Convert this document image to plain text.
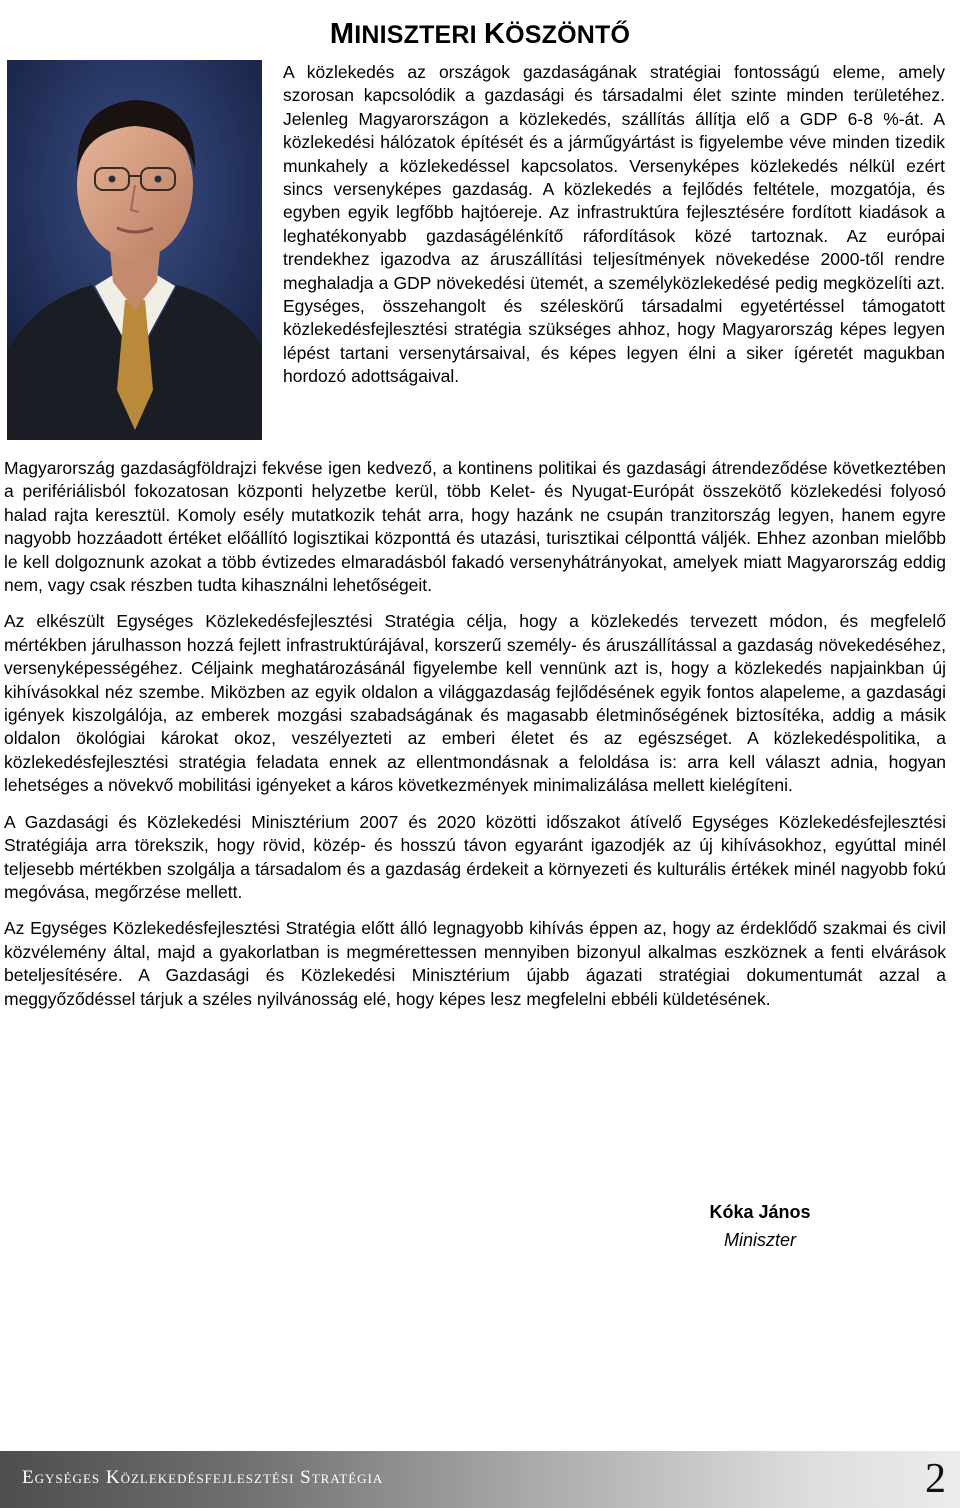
MINISZTERI KÖSZÖNTŐ

A közlekedés az országok gazdaságának stratégiai fontosságú eleme, amely szorosan kapcsolódik a gazdasági és társadalmi élet szinte minden területéhez. Jelenleg Magyarországon a közlekedés, szállítás állítja elő a GDP 6-8 %-át. A közlekedési hálózatok építését és a járműgyártást is figyelembe véve minden tizedik munkahely a közlekedéssel kapcsolatos. Versenyképes közlekedés nélkül ezért sincs versenyképes gazdaság. A közlekedés a fejlődés feltétele, mozgatója, és egyben egyik legfőbb hajtóereje. Az infrastruktúra fejlesztésére fordított kiadások a leghatékonyabb gazdaságélénkítő ráfordítások közé tartoznak. Az európai trendekhez igazodva az áruszállítási teljesítmények növekedése 2000-től rendre meghaladja a GDP növekedési ütemét, a személyközlekedésé pedig megközelíti azt. Egységes, összehangolt és széleskörű társadalmi egyetértéssel támogatott közlekedésfejlesztési stratégia szükséges ahhoz, hogy Magyarország képes legyen lépést tartani versenytársaival, és képes legyen élni a siker ígéretét magukban hordozó adottságaival.

Magyarország gazdaságföldrajzi fekvése igen kedvező, a kontinens politikai és gazdasági átrendeződése következtében a perifériálisból fokozatosan központi helyzetbe kerül, több Kelet- és Nyugat-Európát összekötő közlekedési folyosó halad rajta keresztül. Komoly esély mutatkozik tehát arra, hogy hazánk ne csupán tranzitország legyen, hanem egyre nagyobb hozzáadott értéket előállító logisztikai központtá és utazási, turisztikai célponttá váljék. Ehhez azonban mielőbb le kell dolgoznunk azokat a több évtizedes elmaradásból fakadó versenyhátrányokat, amelyek miatt Magyarország eddig nem, vagy csak részben tudta kihasználni lehetőségeit.

Az elkészült Egységes Közlekedésfejlesztési Stratégia célja, hogy a közlekedés tervezett módon, és megfelelő mértékben járulhasson hozzá fejlett infrastruktúrájával, korszerű személy- és áruszállítással a gazdaság növekedéséhez, versenyképességéhez. Céljaink meghatározásánál figyelembe kell vennünk azt is, hogy a közlekedés napjainkban új kihívásokkal néz szembe. Miközben az egyik oldalon a világgazdaság fejlődésének egyik fontos alapeleme, a gazdasági igények kiszolgálója, az emberek mozgási szabadságának és magasabb életminőségének biztosítéka, addig a másik oldalon ökológiai károkat okoz, veszélyezteti az emberi életet és az egészséget. A közlekedéspolitika, a közlekedésfejlesztési stratégia feladata ennek az ellentmondásnak a feloldása is: arra kell választ adnia, hogyan lehetséges a növekvő mobilitási igényeket a káros következmények minimalizálása mellett kielégíteni.

A Gazdasági és Közlekedési Minisztérium 2007 és 2020 közötti időszakot átívelő Egységes Közlekedésfejlesztési Stratégiája arra törekszik, hogy rövid, közép- és hosszú távon egyaránt igazodjék az új kihívásokhoz, egyúttal minél teljesebb mértékben szolgálja a társadalom és a gazdaság érdekeit a környezeti és kulturális értékek minél nagyobb fokú megóvása, megőrzése mellett.

Az Egységes Közlekedésfejlesztési Stratégia előtt álló legnagyobb kihívás éppen az, hogy az érdeklődő szakmai és civil közvélemény által, majd a gyakorlatban is megmérettessen mennyiben bizonyul alkalmas eszköznek a fenti elvárások beteljesítésére. A Gazdasági és Közlekedési Minisztérium újabb ágazati stratégiai dokumentumát azzal a meggyőződéssel tárjuk a széles nyilvánosság elé, hogy képes lesz megfelelni ebbéli küldetésének.

Kóka János
Miniszter
Egységes Közlekedésfejlesztési Stratégia	2
